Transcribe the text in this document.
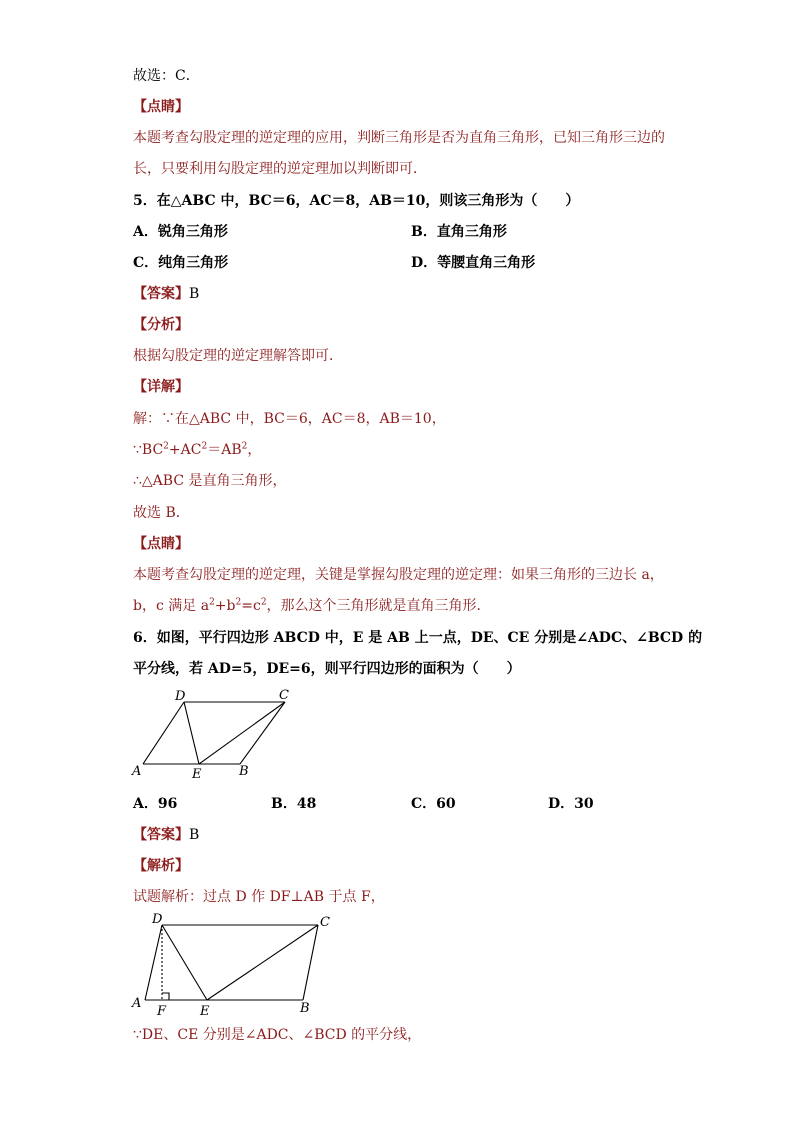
故选：C．
【点睛】
本题考查勾股定理的逆定理的应用，判断三角形是否为直角三角形，已知三角形三边的
长，只要利用勾股定理的逆定理加以判断即可．
5．在△ABC 中，BC＝6，AC＝8，AB＝10，则该三角形为（　　）
A．锐角三角形	B．直角三角形
C．纯角三角形	D．等腰直角三角形
【答案】B
【分析】
根据勾股定理的逆定理解答即可．
【详解】
解：∵在△ABC 中，BC＝6，AC＝8，AB＝10，
$\because BC^2+AC^2=AB^2$，
∴△ABC 是直角三角形，
故选 B．
【点睛】
本题考查勾股定理的逆定理，关键是掌握勾股定理的逆定理：如果三角形的三边长 a，
b，c 满足 $a^2+b^2=c^2$，那么这个三角形就是直角三角形．
6．如图，平行四边形 ABCD 中，E 是 AB 上一点，DE、CE 分别是∠ADC、∠BCD 的
平分线，若 AD=5，DE=6，则平行四边形的面积为（　　）
D	C
A	E	B
A．96	B．48	C．60	D．30
【答案】B
【解析】
试题解析：过点 D 作 DF⊥AB 于点 F，
D	C
A
F	E	B
∵DE、CE 分别是∠ADC、∠BCD 的平分线，
